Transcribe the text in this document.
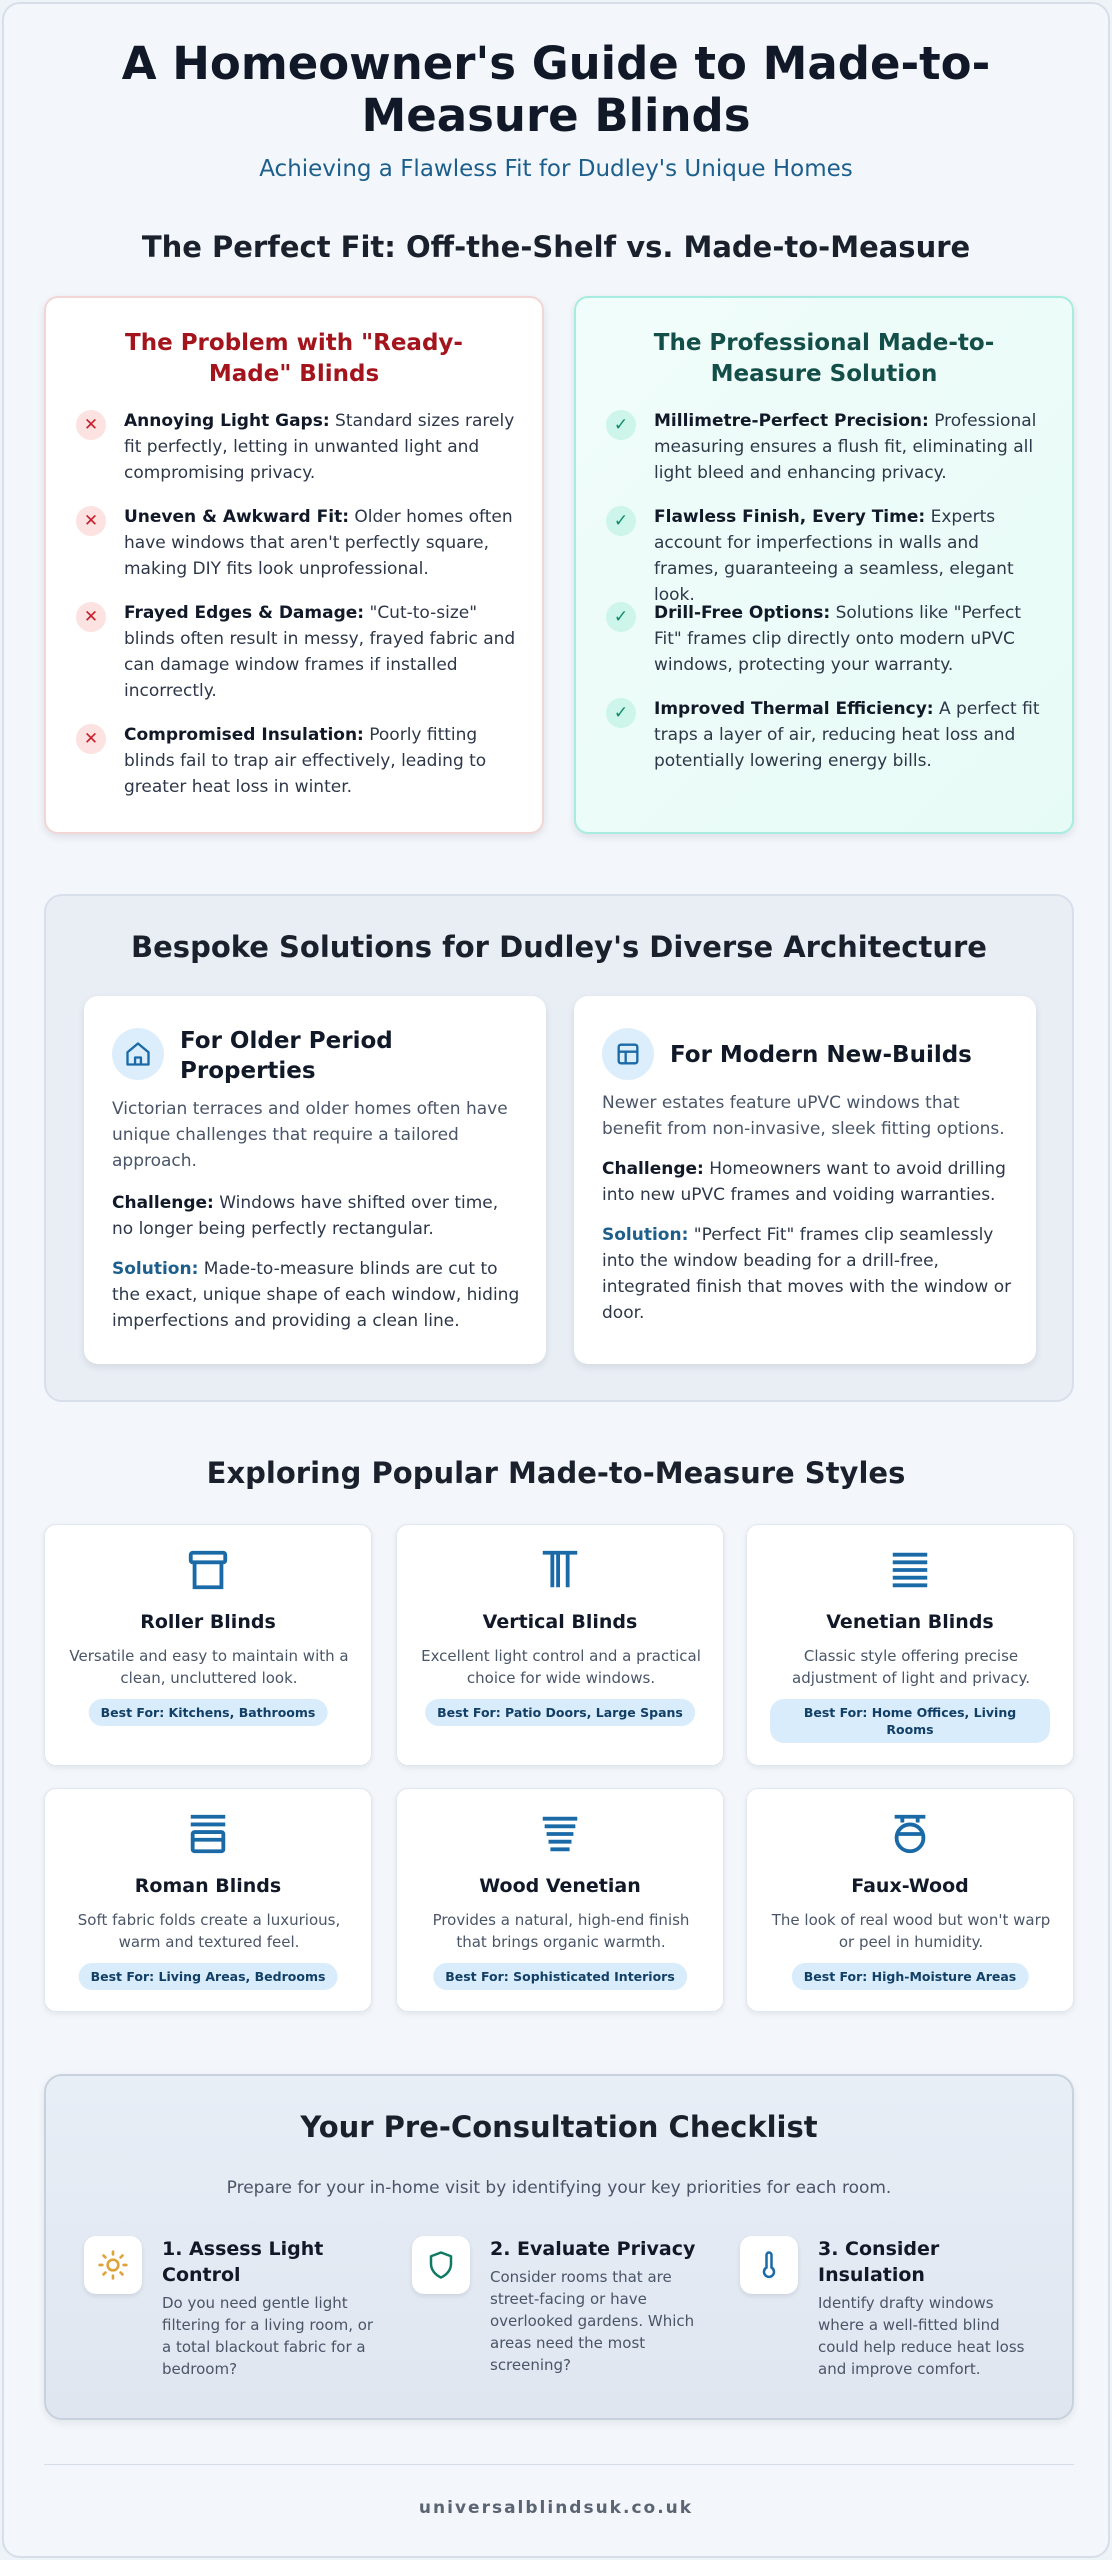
A Homeowner's Guide to Made-to-Measure Blinds
Achieving a Flawless Fit for Dudley's Unique Homes
The Perfect Fit: Off-the-Shelf vs. Made-to-Measure
The Problem with "Ready-Made" Blinds
✕	Annoying Light Gaps: Standard sizes rarely fit perfectly, letting in unwanted light and compromising privacy.
✕	Uneven & Awkward Fit: Older homes often have windows that aren't perfectly square, making DIY fits look unprofessional.
✕	Frayed Edges & Damage: "Cut-to-size" blinds often result in messy, frayed fabric and can damage window frames if installed incorrectly.
✕	Compromised Insulation: Poorly fitting blinds fail to trap air effectively, leading to greater heat loss in winter.
The Professional Made-to-Measure Solution
✓	Millimetre-Perfect Precision: Professional measuring ensures a flush fit, eliminating all light bleed and enhancing privacy.
✓	Flawless Finish, Every Time: Experts account for imperfections in walls and frames, guaranteeing a seamless, elegant look.
✓	Drill-Free Options: Solutions like "Perfect Fit" frames clip directly onto modern uPVC windows, protecting your warranty.
✓	Improved Thermal Efficiency: A perfect fit traps a layer of air, reducing heat loss and potentially lowering energy bills.
Bespoke Solutions for Dudley's Diverse Architecture
For Older Period Properties
Victorian terraces and older homes often have unique challenges that require a tailored approach.
Challenge: Windows have shifted over time, no longer being perfectly rectangular.
Solution: Made-to-measure blinds are cut to the exact, unique shape of each window, hiding imperfections and providing a clean line.
For Modern New-Builds
Newer estates feature uPVC windows that benefit from non-invasive, sleek fitting options.
Challenge: Homeowners want to avoid drilling into new uPVC frames and voiding warranties.
Solution: "Perfect Fit" frames clip seamlessly into the window beading for a drill-free, integrated finish that moves with the window or door.
Exploring Popular Made-to-Measure Styles
Roller Blinds
Versatile and easy to maintain with a clean, uncluttered look.
Best For: Kitchens, Bathrooms
Vertical Blinds
Excellent light control and a practical choice for wide windows.
Best For: Patio Doors, Large Spans
Venetian Blinds
Classic style offering precise adjustment of light and privacy.
Best For: Home Offices, Living Rooms
Roman Blinds
Soft fabric folds create a luxurious, warm and textured feel.
Best For: Living Areas, Bedrooms
Wood Venetian
Provides a natural, high-end finish that brings organic warmth.
Best For: Sophisticated Interiors
Faux-Wood
The look of real wood but won't warp or peel in humidity.
Best For: High-Moisture Areas
Your Pre-Consultation Checklist
Prepare for your in-home visit by identifying your key priorities for each room.
1. Assess Light Control
Do you need gentle light filtering for a living room, or a total blackout fabric for a bedroom?
2. Evaluate Privacy
Consider rooms that are street-facing or have overlooked gardens. Which areas need the most screening?
3. Consider Insulation
Identify drafty windows where a well-fitted blind could help reduce heat loss and improve comfort.
universalblindsuk.co.uk
